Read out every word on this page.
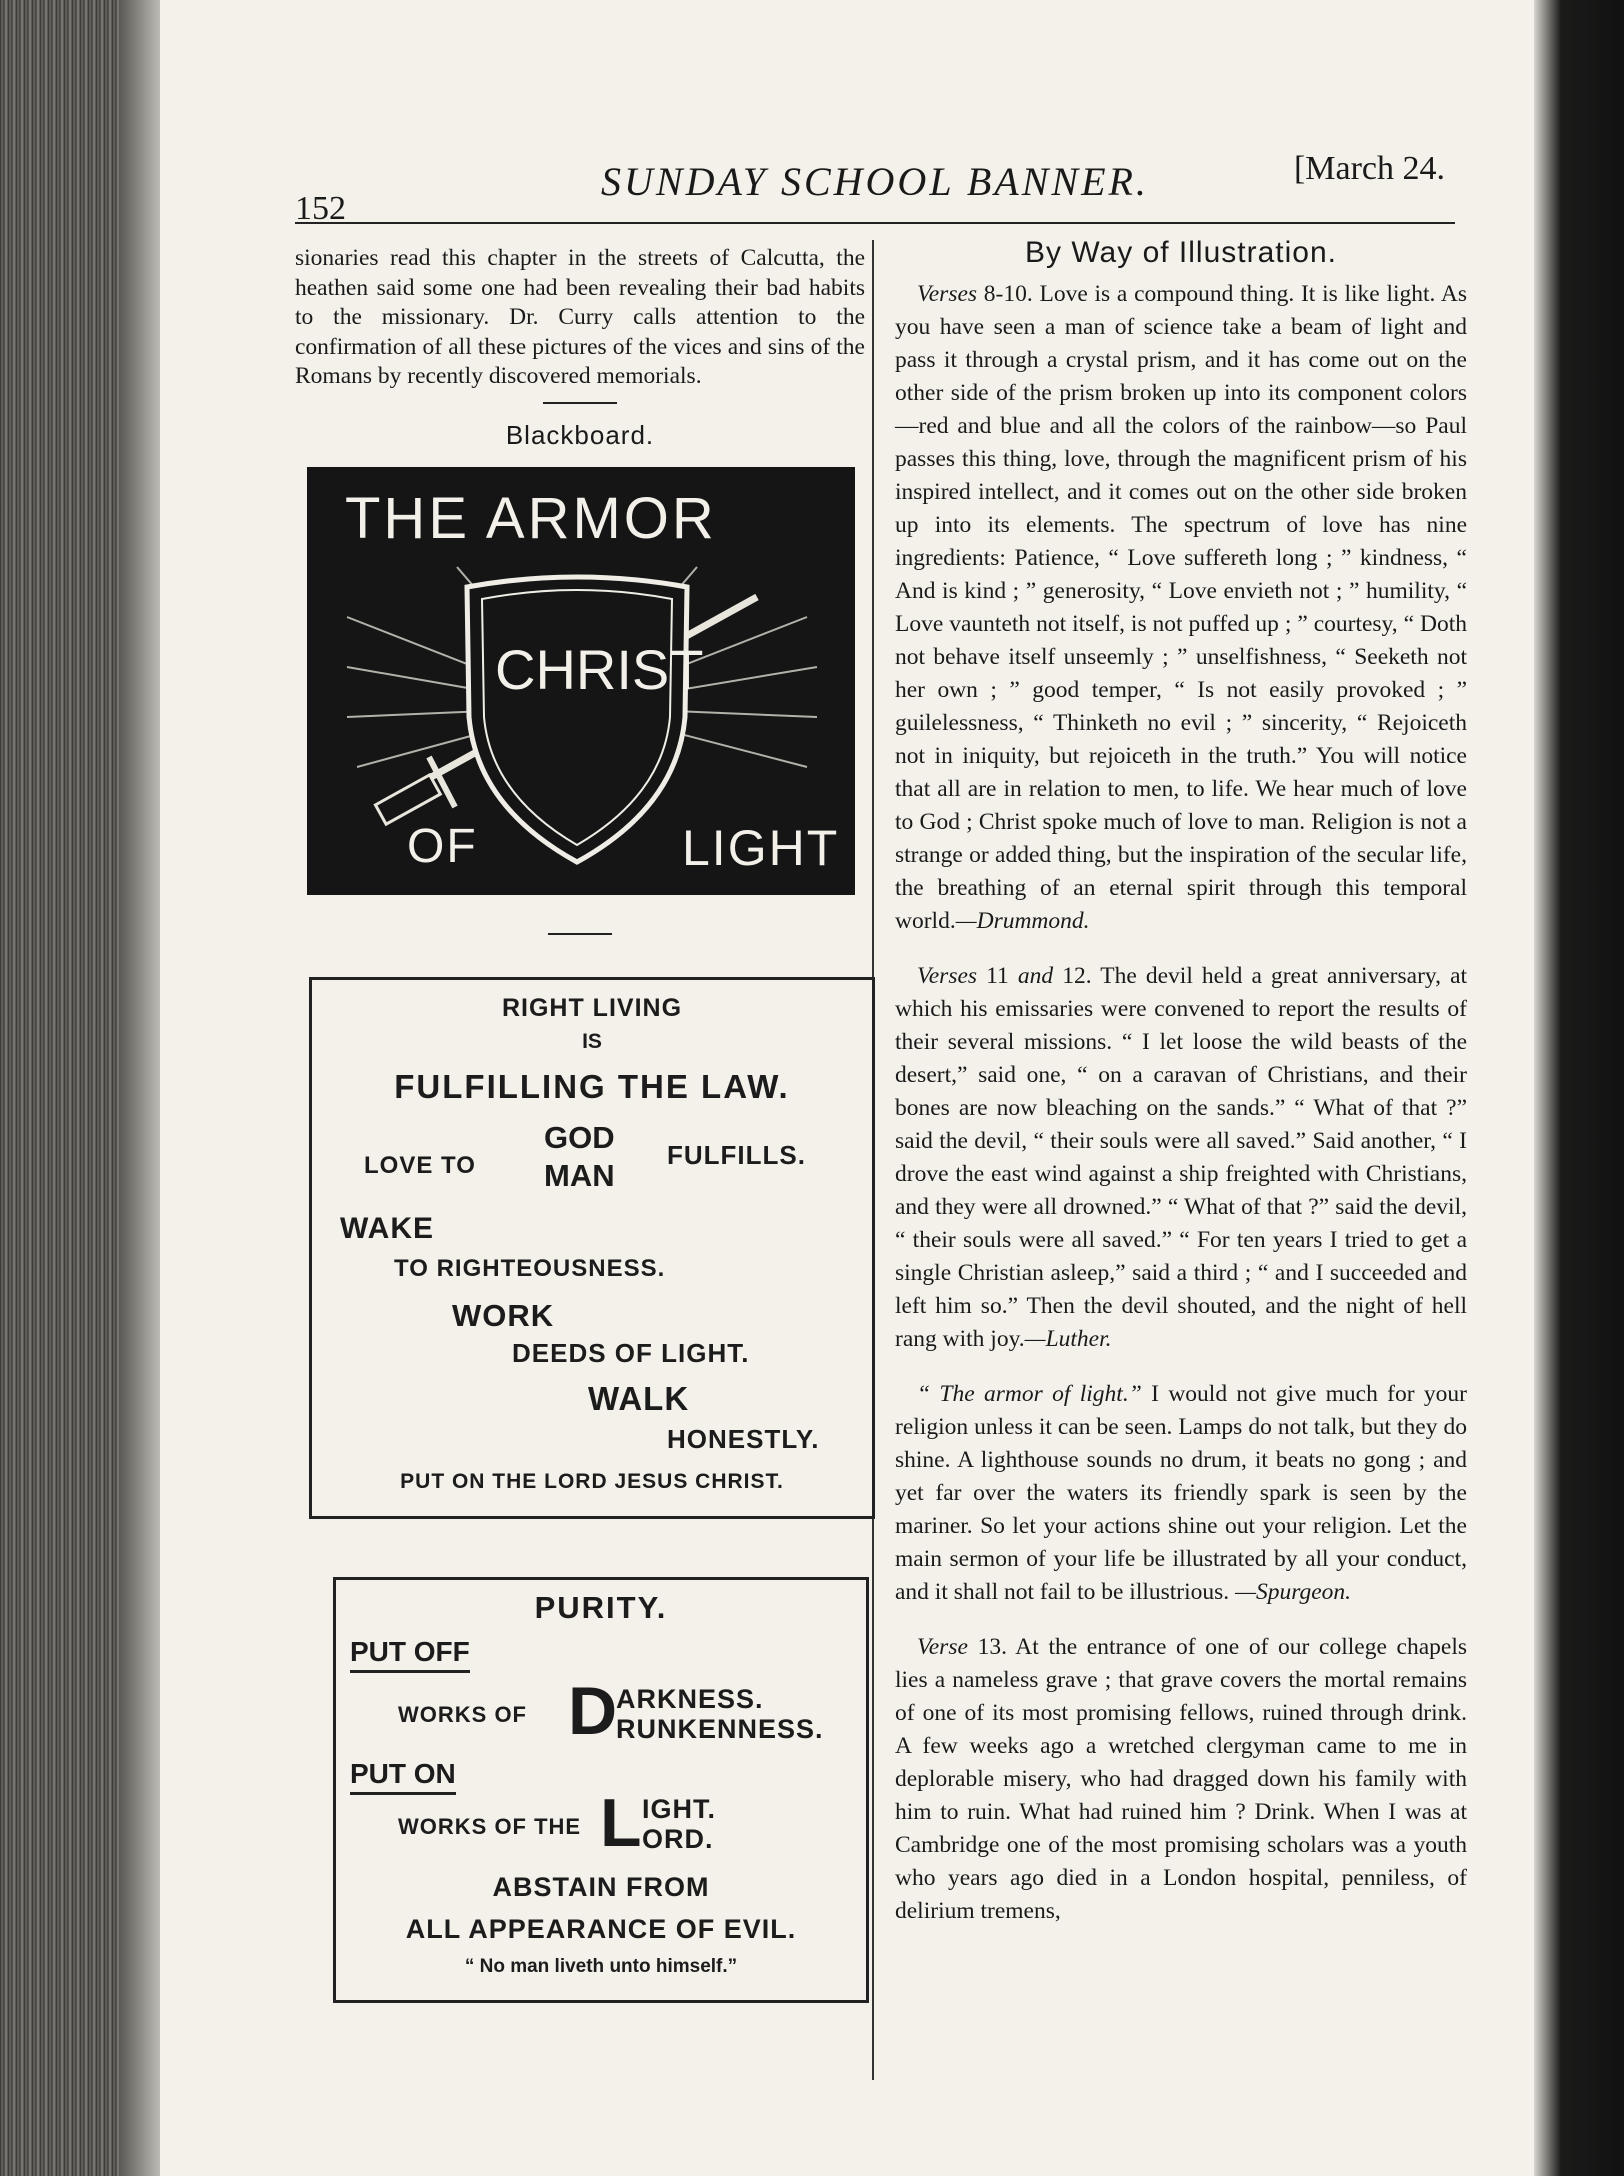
152
SUNDAY SCHOOL BANNER.	[March 24.

sionaries read this chapter in the streets of Calcutta, the heathen said some one had been revealing their bad habits to the missionary. Dr. Curry calls attention to the confirmation of all these pictures of the vices and sins of the Romans by recently discovered memorials.

Blackboard.
THE ARMOR
CHRIST
OF	LIGHT
RIGHT LIVING
IS
FULFILLING THE LAW.
LOVE TO
GOD
MAN
FULFILLS.
WAKE
TO RIGHTEOUSNESS.
WORK
DEEDS OF LIGHT.
WALK
HONESTLY.
PUT ON THE LORD JESUS CHRIST.
PURITY.
PUT OFF
WORKS OF D
ARKNESS.
RUNKENNESS.
PUT ON
WORKS OF THE L IGHT.
ORD.
ABSTAIN FROM
ALL APPEARANCE OF EVIL.
“ No man liveth unto himself.”
By Way of Illustration.

Verses 8-10. Love is a compound thing. It is like light. As you have seen a man of science take a beam of light and pass it through a crystal prism, and it has come out on the other side of the prism broken up into its component colors—red and blue and all the colors of the rainbow—so Paul passes this thing, love, through the magnificent prism of his inspired intellect, and it comes out on the other side broken up into its elements. The spectrum of love has nine ingredients: Patience, “ Love suffereth long ; ” kindness, “ And is kind ; ” generosity, “ Love envieth not ; ” humility, “ Love vaunteth not itself, is not puffed up ; ” courtesy, “ Doth not behave itself unseemly ; ” unselfishness, “ Seeketh not her own ; ” good temper, “ Is not easily provoked ; ” guilelessness, “ Thinketh no evil ; ” sincerity, “ Rejoiceth not in iniquity, but rejoiceth in the truth.” You will notice that all are in relation to men, to life. We hear much of love to God ; Christ spoke much of love to man. Religion is not a strange or added thing, but the inspiration of the secular life, the breathing of an eternal spirit through this temporal world.—Drummond.

Verses 11 and 12. The devil held a great anniversary, at which his emissaries were convened to report the results of their several missions. “ I let loose the wild beasts of the desert,” said one, “ on a caravan of Christians, and their bones are now bleaching on the sands.” “ What of that ?” said the devil, “ their souls were all saved.” Said another, “ I drove the east wind against a ship freighted with Christians, and they were all drowned.” “ What of that ?” said the devil, “ their souls were all saved.” “ For ten years I tried to get a single Christian asleep,” said a third ; “ and I succeeded and left him so.” Then the devil shouted, and the night of hell rang with joy.—Luther.

“ The armor of light.” I would not give much for your religion unless it can be seen. Lamps do not talk, but they do shine. A lighthouse sounds no drum, it beats no gong ; and yet far over the waters its friendly spark is seen by the mariner. So let your actions shine out your religion. Let the main sermon of your life be illustrated by all your conduct, and it shall not fail to be illustrious. —Spurgeon.

Verse 13. At the entrance of one of our college chapels lies a nameless grave ; that grave covers the mortal remains of one of its most promising fellows, ruined through drink. A few weeks ago a wretched clergyman came to me in deplorable misery, who had dragged down his family with him to ruin. What had ruined him ? Drink. When I was at Cambridge one of the most promising scholars was a youth who years ago died in a London hospital, penniless, of delirium tremens,
